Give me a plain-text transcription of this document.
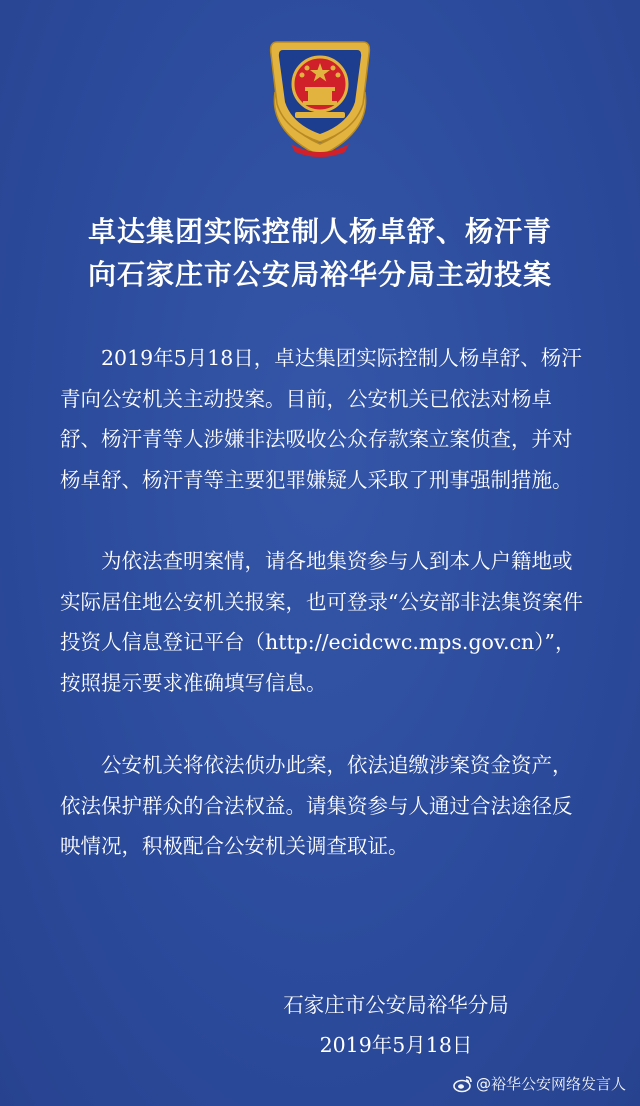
卓达集团实际控制人杨卓舒、杨汗青
向石家庄市公安局裕华分局主动投案

2019年5月18日，卓达集团实际控制人杨卓舒、杨汗青向公安机关主动投案。目前，公安机关已依法对杨卓舒、杨汗青等人涉嫌非法吸收公众存款案立案侦查，并对杨卓舒、杨汗青等主要犯罪嫌疑人采取了刑事强制措施。

为依法查明案情，请各地集资参与人到本人户籍地或实际居住地公安机关报案，也可登录“公安部非法集资案件投资人信息登记平台（http://ecidcwc.mps.gov.cn）”，按照提示要求准确填写信息。

公安机关将依法侦办此案，依法追缴涉案资金资产，依法保护群众的合法权益。请集资参与人通过合法途径反映情况，积极配合公安机关调查取证。

石家庄市公安局裕华分局
2019年5月18日
@裕华公安网络发言人
